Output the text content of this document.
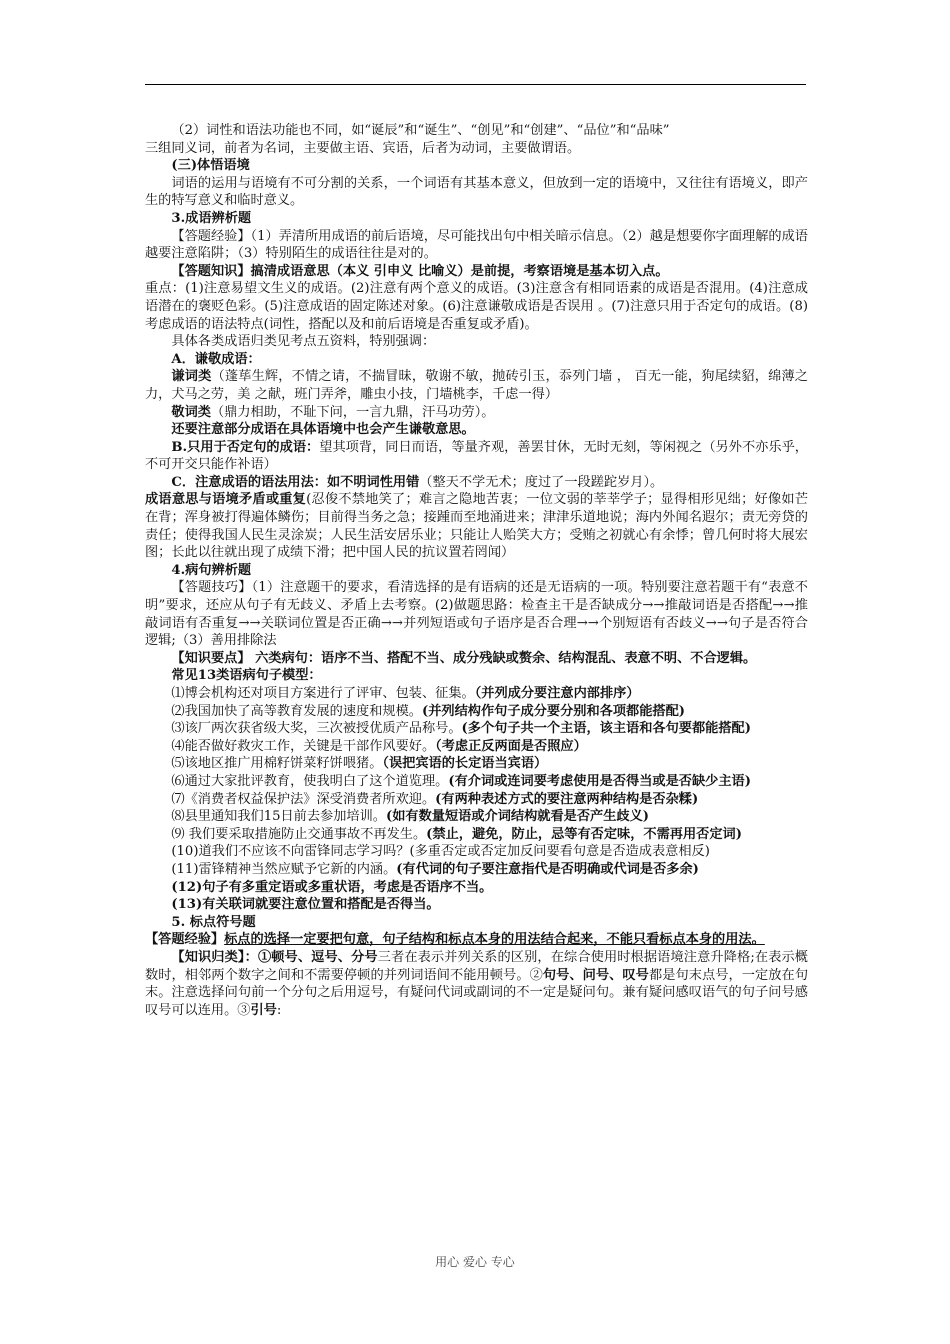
（2）词性和语法功能也不同，如“诞辰”和“诞生”、“创见”和“创建”、“品位”和“品味”

三组同义词，前者为名词，主要做主语、宾语，后者为动词，主要做谓语。

(三)体悟语境

词语的运用与语境有不可分割的关系，一个词语有其基本意义，但放到一定的语境中，又往往有语境义，即产生的特写意义和临时意义。

3.成语辨析题

【答题经验】（1）弄清所用成语的前后语境，尽可能找出句中相关暗示信息。（2）越是想要你字面理解的成语越要注意陷阱；（3）特别陌生的成语往往是对的。

【答题知识】搞清成语意思（本义 引申义 比喻义）是前提，考察语境是基本切入点。

重点：(1)注意易望文生义的成语。(2)注意有两个意义的成语。(3)注意含有相同语素的成语是否混用。(4)注意成语潜在的褒贬色彩。(5)注意成语的固定陈述对象。(6)注意谦敬成语是否误用 。(7)注意只用于否定句的成语。(8)考虑成语的语法特点(词性，搭配以及和前后语境是否重复或矛盾)。

具体各类成语归类见考点五资料，特别强调：

A．谦敬成语：

谦词类（蓬荜生辉，不情之请，不揣冒昧，敬谢不敏，抛砖引玉，忝列门墙 ， 百无一能，狗尾续貂，绵薄之力，犬马之劳，美 之献，班门弄斧，雕虫小技，门墙桃李，千虑一得）

敬词类（鼎力相助，不耻下问，一言九鼎，汗马功劳）。

还要注意部分成语在具体语境中也会产生谦敬意思。

B.只用于否定句的成语：望其项背，同日而语，等量齐观，善罢甘休，无时无刻，等闲视之（另外不亦乐乎，不可开交只能作补语）

C．注意成语的语法用法：如不明词性用错（整天不学无术；度过了一段蹉跎岁月）。

成语意思与语境矛盾或重复(忍俊不禁地笑了；难言之隐地苦衷；一位文弱的莘莘学子；显得相形见绌；好像如芒在背；浑身被打得遍体鳞伤；目前得当务之急；接踵而至地涌进来；津津乐道地说；海内外闻名遐尔；责无旁贷的责任；使得我国人民生灵涂炭；人民生活安居乐业；只能让人贻笑大方；受贿之初就心有余悸；曾几何时将大展宏图；长此以往就出现了成绩下滑；把中国人民的抗议置若罔闻）

4.病句辨析题

【答题技巧】（1）注意题干的要求，看清选择的是有语病的还是无语病的一项。特别要注意若题干有“表意不明”要求，还应从句子有无歧义、矛盾上去考察。(2)做题思路：检查主干是否缺成分→→推敲词语是否搭配→→推敲词语有否重复→→关联词位置是否正确→→并列短语或句子语序是否合理→→个别短语有否歧义→→句子是否符合逻辑;（3）善用排除法

【知识要点】 六类病句：语序不当、搭配不当、成分残缺或赘余、结构混乱、表意不明、不合逻辑。

常见13类语病句子模型：

⑴博会机构还对项目方案进行了评审、包装、征集。（并列成分要注意内部排序）

⑵我国加快了高等教育发展的速度和规模。(并列结构作句子成分要分别和各项都能搭配)

⑶该厂两次获省级大奖，三次被授优质产品称号。(多个句子共一个主语，该主语和各句要都能搭配)

⑷能否做好救灾工作，关键是干部作风要好。（考虑正反两面是否照应）

⑸该地区推广用棉籽饼菜籽饼喂猪。（误把宾语的长定语当宾语）

⑹通过大家批评教育，使我明白了这个道览理。(有介词或连词要考虑使用是否得当或是否缺少主语)

⑺《消费者权益保护法》深受消费者所欢迎。(有两种表述方式的要注意两种结构是否杂糅)

⑻县里通知我们15日前去参加培训。(如有数量短语或介词结构就看是否产生歧义)

⑼ 我们要采取措施防止交通事故不再发生。(禁止，避免，防止，忌等有否定味，不需再用否定词)

(10)道我们不应该不向雷锋同志学习吗？(多重否定或否定加反问要看句意是否造成表意相反)

(11)雷锋精神当然应赋予它新的内涵。(有代词的句子要注意指代是否明确或代词是否多余)

(12)句子有多重定语或多重状语，考虑是否语序不当。

(13)有关联词就要注意位置和搭配是否得当。

5. 标点符号题

【答题经验】标点的选择一定要把句意，句子结构和标点本身的用法结合起来，不能只看标点本身的用法。

【知识归类】：①顿号、逗号、分号三者在表示并列关系的区别，在综合使用时根据语境注意升降格;在表示概数时，相邻两个数字之间和不需要停顿的并列词语间不能用顿号。②句号、问号、叹号都是句末点号，一定放在句末。注意选择问句前一个分句之后用逗号，有疑问代词或副词的不一定是疑问句。兼有疑问感叹语气的句子问号感叹号可以连用。③引号:

用心 爱心 专心
